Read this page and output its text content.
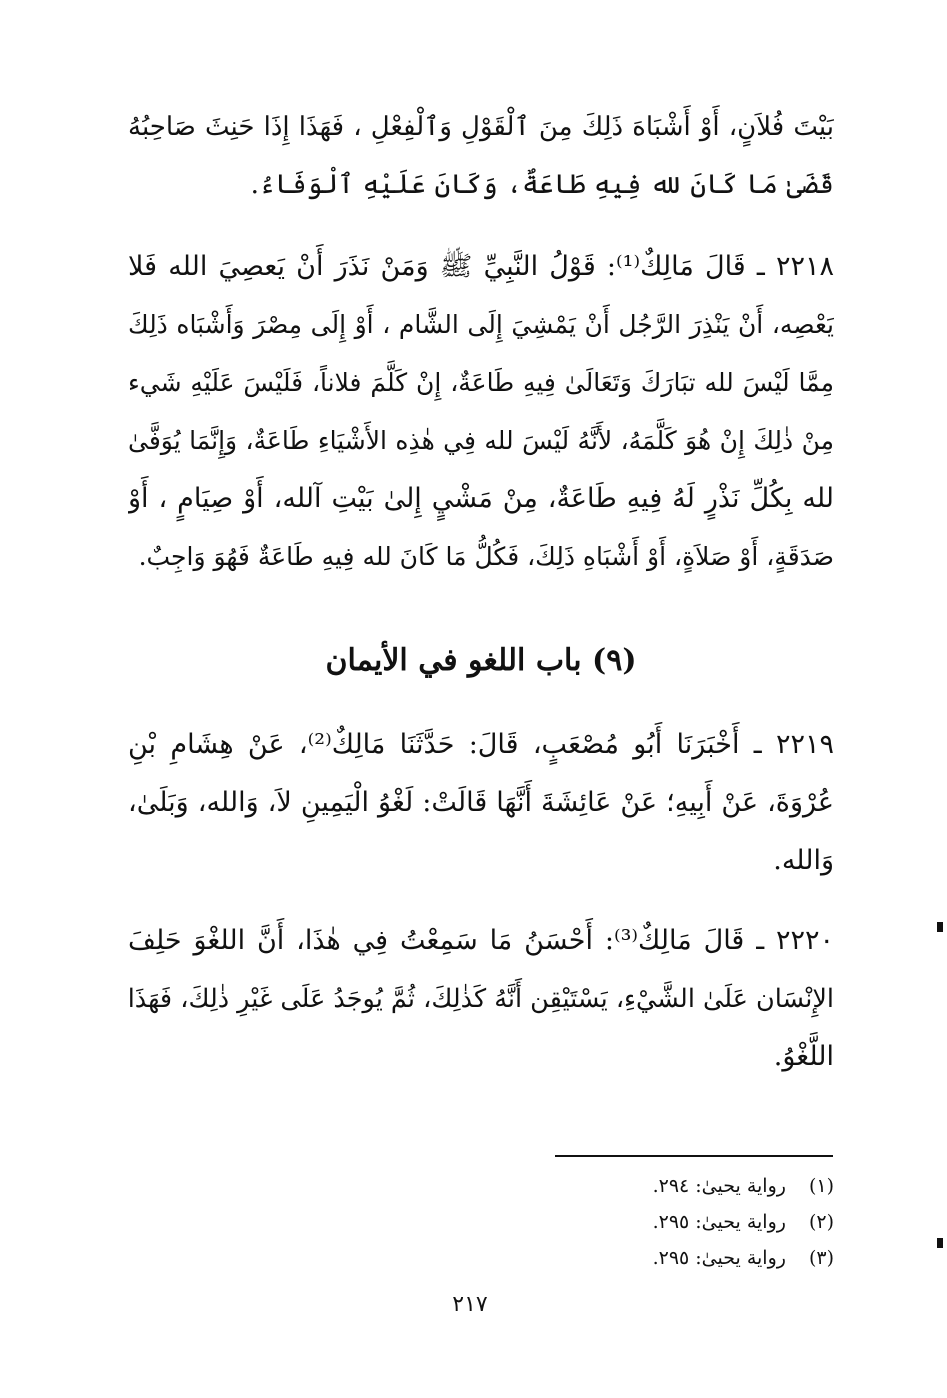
بَيْتَ فُلاَنٍ، أَوْ أَشْبَاهَ ذَلِكَ مِنَ ٱلْقَوْلِ وَٱلْفِعْلِ ، فَهَذَا إِذَا حَنِثَ صَاحِبُهُ
قَضَىٰ مَا كَانَ لله فِيهِ طَاعَةٌ، وَكَانَ عَلَيْهِ ٱلْوَفَاءُ.
٢٢١٨ ـ قَالَ مَالِكٌ⁽¹⁾: قَوْلُ النَّبِيِّ ﷺ وَمَنْ نَذَرَ أَنْ يَعصِيَ الله فَلا
يَعْصِه، أَنْ يَنْذِرَ الرَّجُل أَنْ يَمْشِيَ إِلَى الشَّام ، أَوْ إِلَى مِصْرَ وَأَشْبَاه ذَلِكَ
مِمَّا لَيْسَ لله تبَارَكَ وَتَعَالَىٰ فِيهِ طَاعَةٌ، إِنْ كَلَّمَ فلاناً، فَلَيْسَ عَلَيْهِ شَيء
مِنْ ذٰلِكَ إِنْ هُوَ كَلَّمَهُ، لأَنَّهُ لَيْسَ لله فِي هٰذِه الأَشْيَاءِ طَاعَةٌ، وَإِنَّمَا يُوَفَّىٰ
لله بِكُلِّ نَذْرٍ لَهُ فِيهِ طَاعَةٌ، مِنْ مَشْيٍ إِلىٰ بَيْتِ آلله، أَوْ صِيَامٍ ، أَوْ
صَدَقَةٍ، أَوْ صَلاَةٍ، أَوْ أَشْبَاهِ ذَلِكَ، فَكُلُّ مَا كَانَ لله فِيهِ طَاعَةٌ فَهُوَ وَاجِبٌ.
(٩) باب اللغو في الأيمان
٢٢١٩ ـ أَخْبَرَنَا أَبُو مُصْعَبٍ، قَالَ: حَدَّثَنَا مَالِكٌ⁽²⁾، عَنْ هِشَامِ بْنِ
عُرْوَةَ، عَنْ أَبِيهِ؛ عَنْ عَائِشَةَ أَنَّهَا قَالَتْ: لَغْوُ الْيَمِينِ لاَ، وَالله، وَبَلَىٰ،
وَالله.
٢٢٢٠ ـ قَالَ مَالِكٌ⁽³⁾: أَحْسَنُ مَا سَمِعْتُ فِي هٰذَا، أَنَّ اللغْوَ حَلِفَ
الإِنْسَان عَلَىٰ الشَّيْءِ، يَسْتَيْقِن أَنَّهُ كَذٰلِكَ، ثُمَّ يُوجَدُ عَلَى غَيْرِ ذٰلِكَ، فَهَذَا
اللَّغْوُ.
(١) رواية يحيىٰ: ٢٩٤.
(٢) رواية يحيىٰ: ٢٩٥.
(٣) رواية يحيىٰ: ٢٩٥.
٢١٧
